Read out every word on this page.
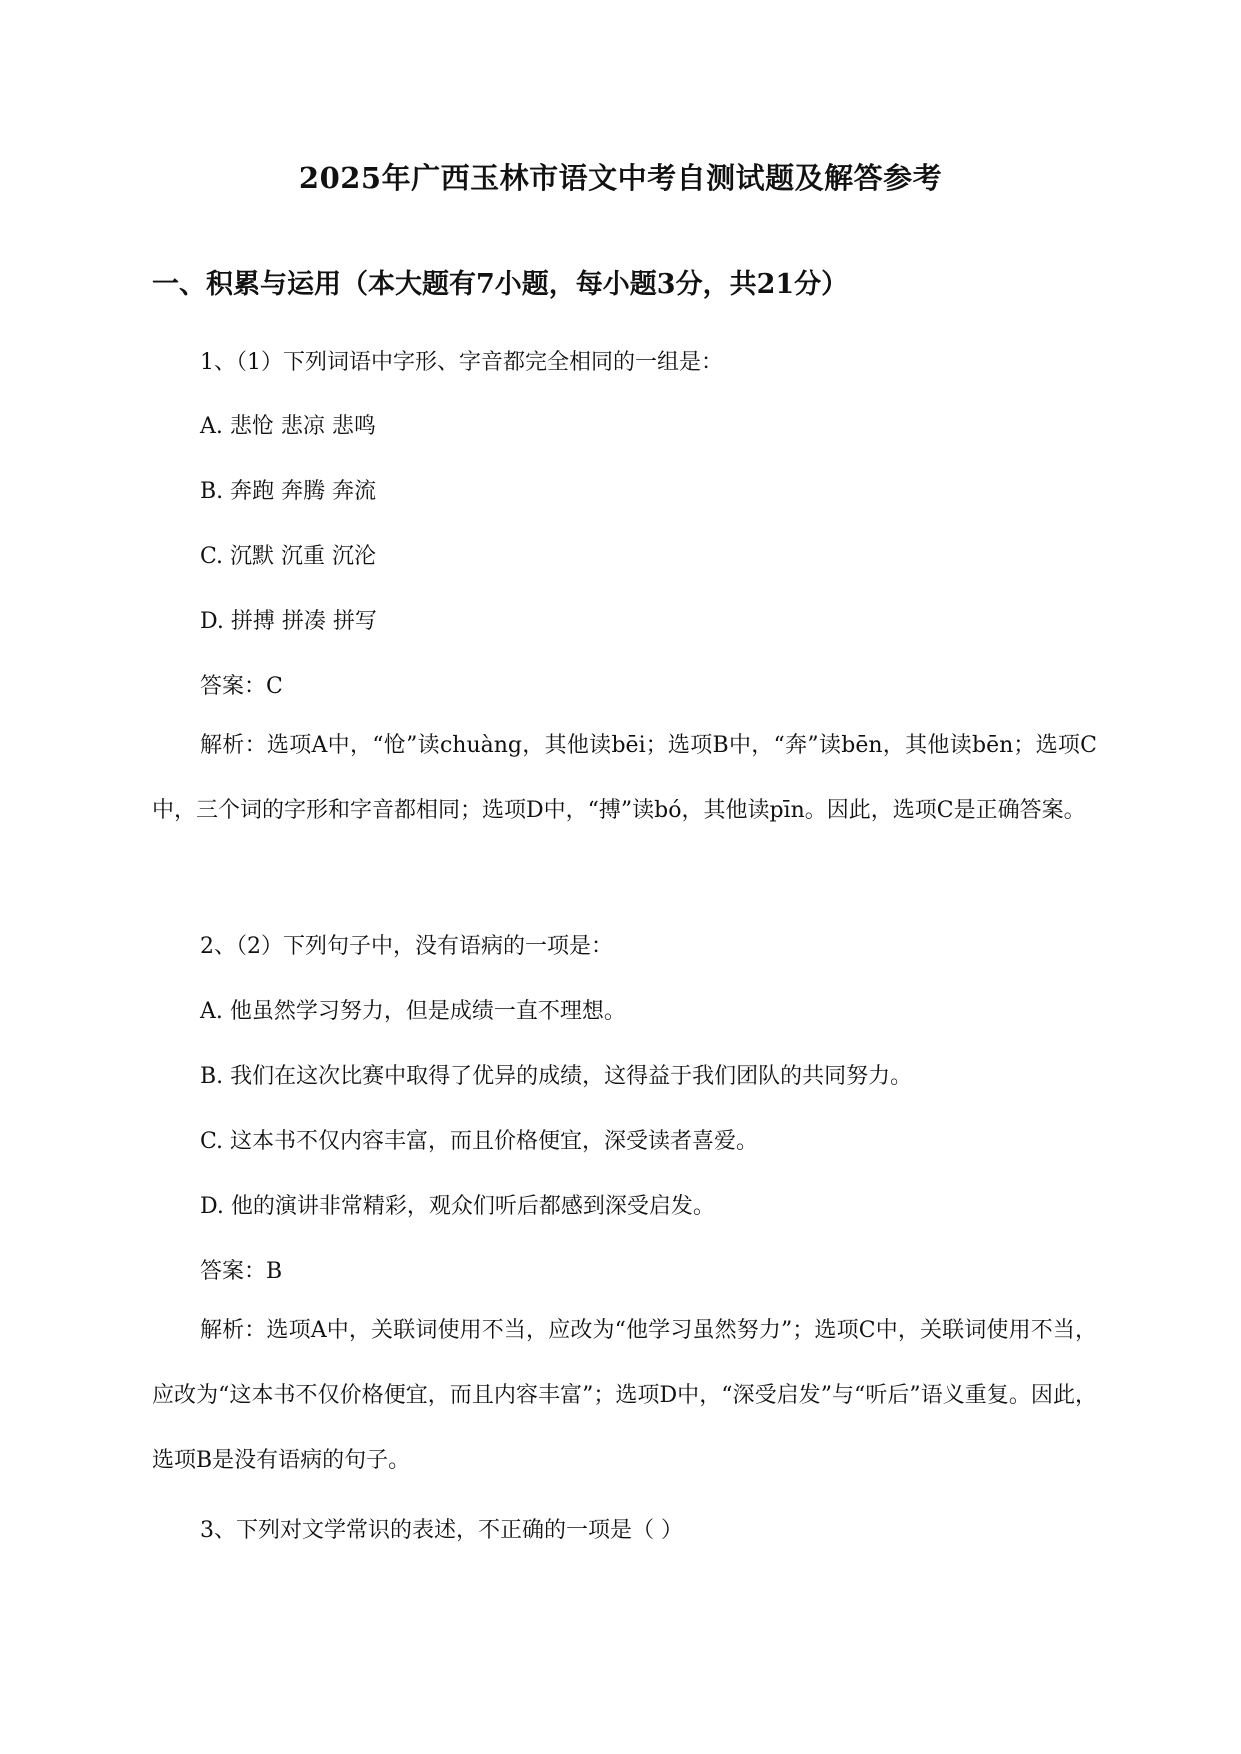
2025年广西玉林市语文中考自测试题及解答参考
一、积累与运用（本大题有7小题，每小题3分，共21分）

1、（1）下列词语中字形、字音都完全相同的一组是：

A. 悲怆 悲凉 悲鸣

B. 奔跑 奔腾 奔流

C. 沉默 沉重 沉沦

D. 拼搏 拼凑 拼写

答案：C

解析：选项A中，“怆”读chuàng，其他读bēi；选项B中，“奔”读bēn，其他读bēn；选项C中，三个词的字形和字音都相同；选项D中，“搏”读bó，其他读pīn。因此，选项C是正确答案。

2、（2）下列句子中，没有语病的一项是：

A. 他虽然学习努力，但是成绩一直不理想。

B. 我们在这次比赛中取得了优异的成绩，这得益于我们团队的共同努力。

C. 这本书不仅内容丰富，而且价格便宜，深受读者喜爱。

D. 他的演讲非常精彩，观众们听后都感到深受启发。

答案：B

解析：选项A中，关联词使用不当，应改为“他学习虽然努力”；选项C中，关联词使用不当，应改为“这本书不仅价格便宜，而且内容丰富”；选项D中，“深受启发”与“听后”语义重复。因此，选项B是没有语病的句子。

3、下列对文学常识的表述，不正确的一项是（ ）
